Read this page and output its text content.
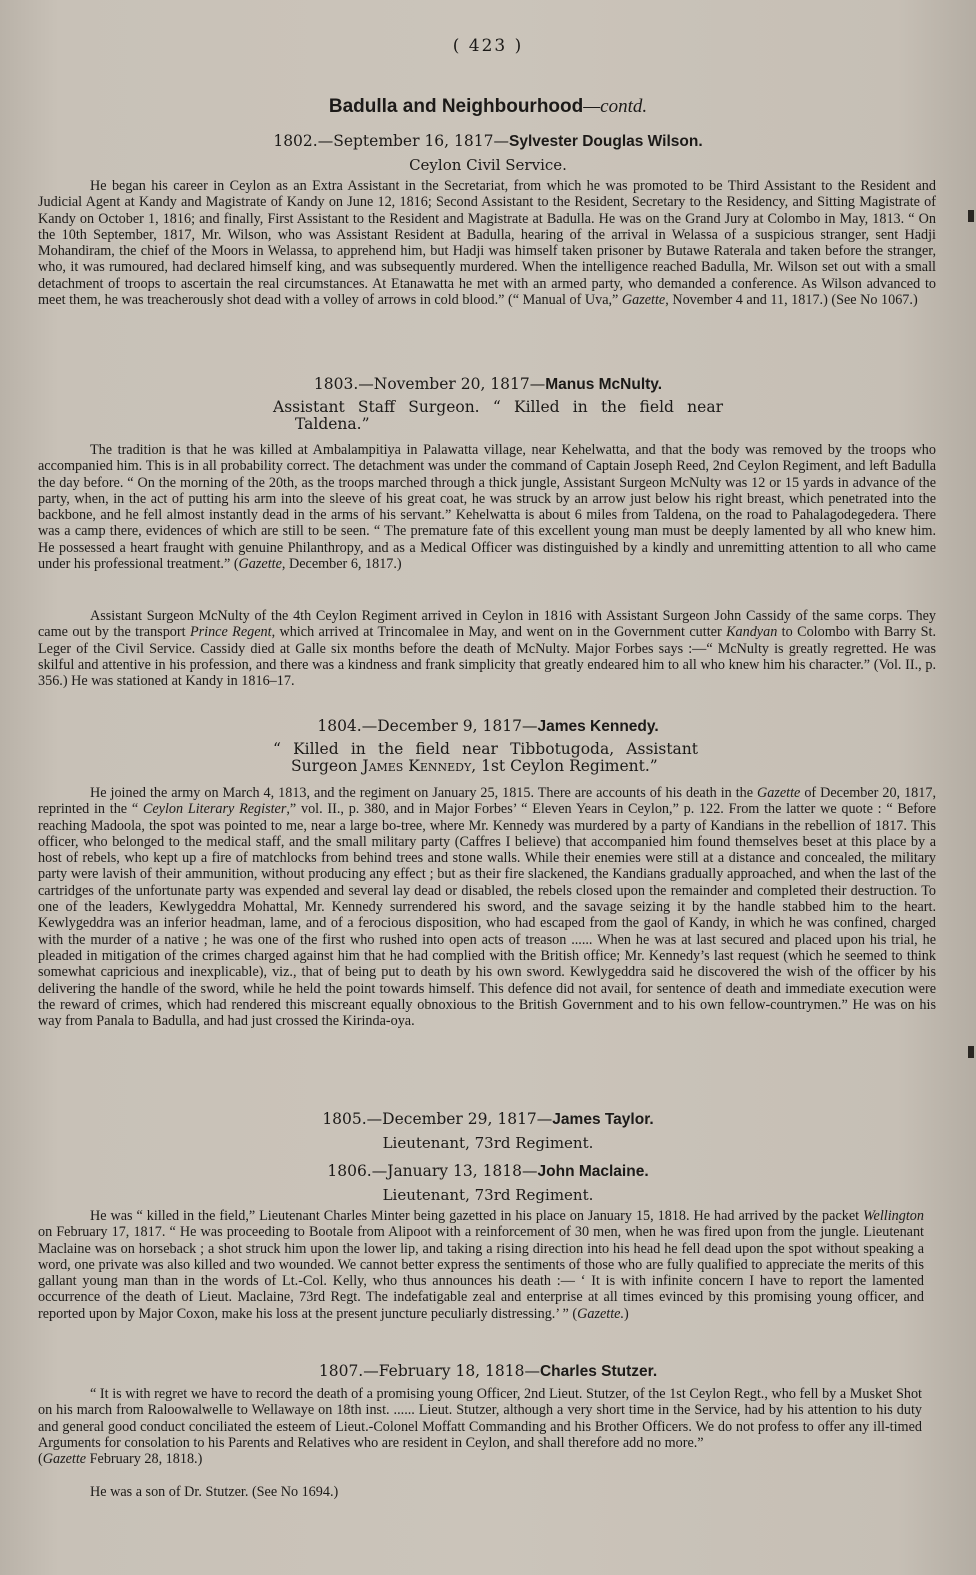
( 423 )
Badulla and Neighbourhood—contd.
1802.—September 16, 1817—Sylvester Douglas Wilson.
Ceylon Civil Service.
He began his career in Ceylon as an Extra Assistant in the Secretariat, from which he was promoted to be Third Assistant to the Resident and Judicial Agent at Kandy and Magistrate of Kandy on June 12, 1816; Second Assistant to the Resident, Secretary to the Residency, and Sitting Magistrate of Kandy on October 1, 1816; and finally, First Assistant to the Resident and Magistrate at Badulla. He was on the Grand Jury at Colombo in May, 1813. “ On the 10th September, 1817, Mr. Wilson, who was Assistant Resident at Badulla, hearing of the arrival in Welassa of a suspicious stranger, sent Hadji Mohandiram, the chief of the Moors in Welassa, to apprehend him, but Hadji was himself taken prisoner by Butawe Raterala and taken before the stranger, who, it was rumoured, had declared himself king, and was subsequently murdered. When the intelligence reached Badulla, Mr. Wilson set out with a small detachment of troops to ascertain the real circumstances. At Etanawatta he met with an armed party, who demanded a conference. As Wilson advanced to meet them, he was treacherously shot dead with a volley of arrows in cold blood.” (“ Manual of Uva,” Gazette, November 4 and 11, 1817.) (See No 1067.)
1803.—November 20, 1817—Manus McNulty.
Assistant Staff Surgeon. “ Killed in the field near
Taldena.”
The tradition is that he was killed at Ambalampitiya in Palawatta village, near Kehelwatta, and that the body was removed by the troops who accompanied him. This is in all probability correct. The detachment was under the command of Captain Joseph Reed, 2nd Ceylon Regiment, and left Badulla the day before. “ On the morning of the 20th, as the troops marched through a thick jungle, Assistant Surgeon McNulty was 12 or 15 yards in advance of the party, when, in the act of putting his arm into the sleeve of his great coat, he was struck by an arrow just below his right breast, which penetrated into the backbone, and he fell almost instantly dead in the arms of his servant.” Kehelwatta is about 6 miles from Taldena, on the road to Pahalagodegedera. There was a camp there, evidences of which are still to be seen. “ The premature fate of this excellent young man must be deeply lamented by all who knew him. He possessed a heart fraught with genuine Philanthropy, and as a Medical Officer was distinguished by a kindly and unremitting attention to all who came under his professional treatment.” (Gazette, December 6, 1817.)
Assistant Surgeon McNulty of the 4th Ceylon Regiment arrived in Ceylon in 1816 with Assistant Surgeon John Cassidy of the same corps. They came out by the transport Prince Regent, which arrived at Trincomalee in May, and went on in the Government cutter Kandyan to Colombo with Barry St. Leger of the Civil Service. Cassidy died at Galle six months before the death of McNulty. Major Forbes says :—“ McNulty is greatly regretted. He was skilful and attentive in his profession, and there was a kindness and frank simplicity that greatly endeared him to all who knew him his character.” (Vol. II., p. 356.) He was stationed at Kandy in 1816–17.
1804.—December 9, 1817—James Kennedy.
“ Killed in the field near Tibbotugoda, Assistant
Surgeon James Kennedy, 1st Ceylon Regiment.”
He joined the army on March 4, 1813, and the regiment on January 25, 1815. There are accounts of his death in the Gazette of December 20, 1817, reprinted in the “ Ceylon Literary Register,” vol. II., p. 380, and in Major Forbes’ “ Eleven Years in Ceylon,” p. 122. From the latter we quote : “ Before reaching Madoola, the spot was pointed to me, near a large bo-tree, where Mr. Kennedy was murdered by a party of Kandians in the rebellion of 1817. This officer, who belonged to the medical staff, and the small military party (Caffres I believe) that accompanied him found themselves beset at this place by a host of rebels, who kept up a fire of matchlocks from behind trees and stone walls. While their enemies were still at a distance and concealed, the military party were lavish of their ammunition, without producing any effect ; but as their fire slackened, the Kandians gradually approached, and when the last of the cartridges of the unfortunate party was expended and several lay dead or disabled, the rebels closed upon the remainder and completed their destruction. To one of the leaders, Kewlygeddra Mohattal, Mr. Kennedy surrendered his sword, and the savage seizing it by the handle stabbed him to the heart. Kewlygeddra was an inferior headman, lame, and of a ferocious disposition, who had escaped from the gaol of Kandy, in which he was confined, charged with the murder of a native ; he was one of the first who rushed into open acts of treason ...... When he was at last secured and placed upon his trial, he pleaded in mitigation of the crimes charged against him that he had complied with the British office; Mr. Kennedy’s last request (which he seemed to think somewhat capricious and inexplicable), viz., that of being put to death by his own sword. Kewlygeddra said he discovered the wish of the officer by his delivering the handle of the sword, while he held the point towards himself. This defence did not avail, for sentence of death and immediate execution were the reward of crimes, which had rendered this miscreant equally obnoxious to the British Government and to his own fellow-countrymen.” He was on his way from Panala to Badulla, and had just crossed the Kirinda-oya.
1805.—December 29, 1817—James Taylor.
Lieutenant, 73rd Regiment.
1806.—January 13, 1818—John Maclaine.
Lieutenant, 73rd Regiment.
He was “ killed in the field,” Lieutenant Charles Minter being gazetted in his place on January 15, 1818. He had arrived by the packet Wellington on February 17, 1817. “ He was proceeding to Bootale from Alipoot with a reinforcement of 30 men, when he was fired upon from the jungle. Lieutenant Maclaine was on horseback ; a shot struck him upon the lower lip, and taking a rising direction into his head he fell dead upon the spot without speaking a word, one private was also killed and two wounded. We cannot better express the sentiments of those who are fully qualified to appreciate the merits of this gallant young man than in the words of Lt.-Col. Kelly, who thus announces his death :— ‘ It is with infinite concern I have to report the lamented occurrence of the death of Lieut. Maclaine, 73rd Regt. The indefatigable zeal and enterprise at all times evinced by this promising young officer, and reported upon by Major Coxon, make his loss at the present juncture peculiarly distressing.’ ” (Gazette.)
1807.—February 18, 1818—Charles Stutzer.
“ It is with regret we have to record the death of a promising young Officer, 2nd Lieut. Stutzer, of the 1st Ceylon Regt., who fell by a Musket Shot on his march from Raloowalwelle to Wellawaye on 18th inst. ...... Lieut. Stutzer, although a very short time in the Service, had by his attention to his duty and general good conduct conciliated the esteem of Lieut.-Colonel Moffatt Commanding and his Brother Officers. We do not profess to offer any ill-timed Arguments for consolation to his Parents and Relatives who are resident in Ceylon, and shall therefore add no more.”
(Gazette February 28, 1818.)
He was a son of Dr. Stutzer. (See No 1694.)
